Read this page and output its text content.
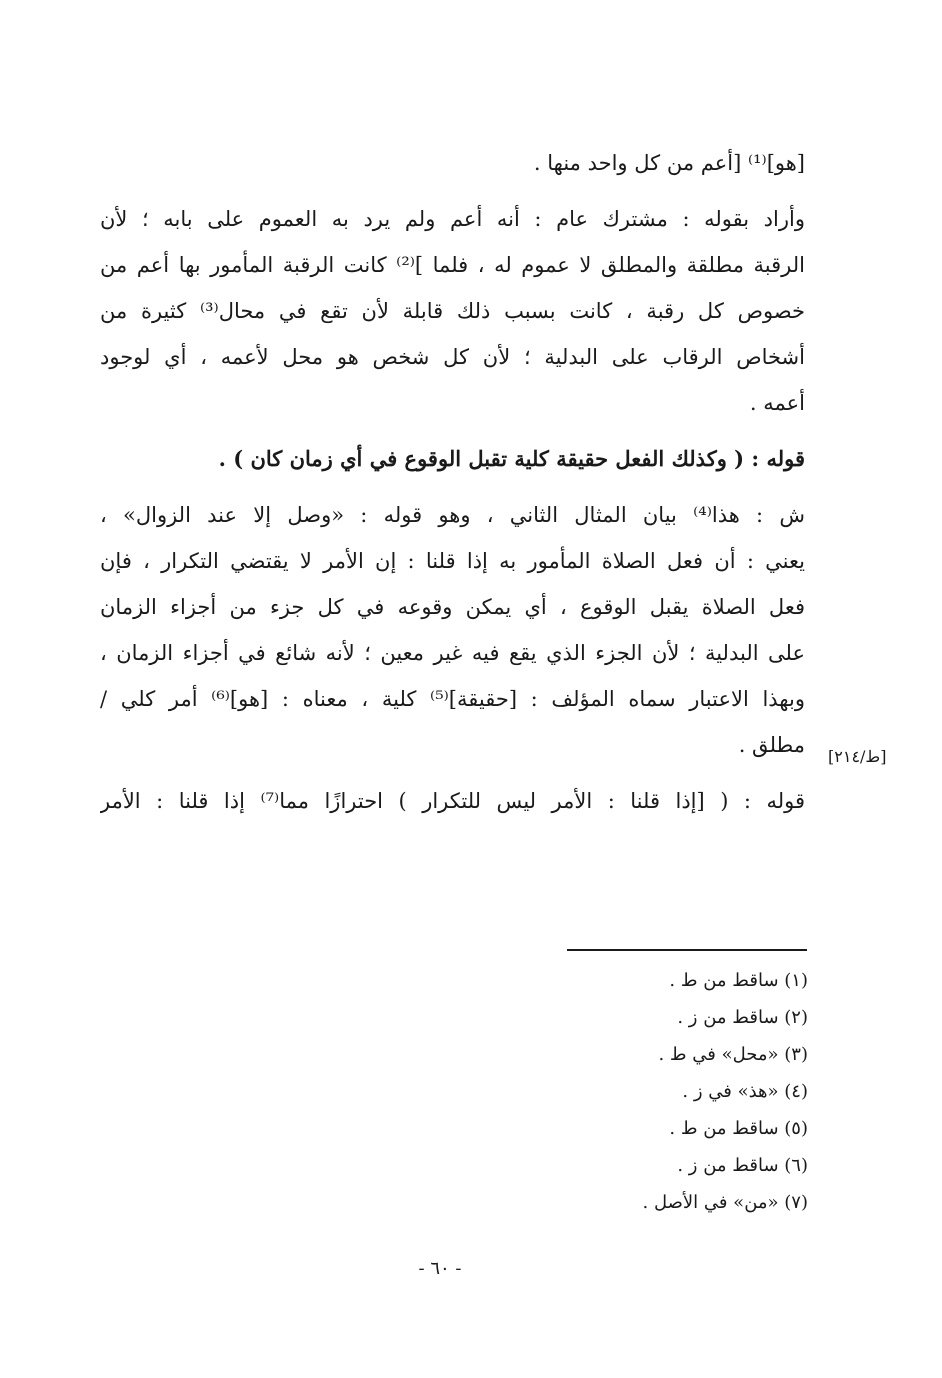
[هو]⁽¹⁾ [أعم من كل واحد منها .
وأراد بقوله : مشترك عام : أنه أعم ولم يرد به العموم على بابه ؛ لأن
الرقبة مطلقة والمطلق لا عموم له ، فلما ]⁽²⁾ كانت الرقبة المأمور بها أعم من
خصوص كل رقبة ، كانت بسبب ذلك قابلة لأن تقع في محال⁽³⁾ كثيرة من
أشخاص الرقاب على البدلية ؛ لأن كل شخص هو محل لأعمه ، أي لوجود
أعمه .
قوله : ( وكذلك الفعل حقيقة كلية تقبل الوقوع في أي زمان كان ) .
ش : هذا⁽⁴⁾ بيان المثال الثاني ، وهو قوله : «وصل إلا عند الزوال» ،
يعني : أن فعل الصلاة المأمور به إذا قلنا : إن الأمر لا يقتضي التكرار ، فإن
فعل الصلاة يقبل الوقوع ، أي يمكن وقوعه في كل جزء من أجزاء الزمان
على البدلية ؛ لأن الجزء الذي يقع فيه غير معين ؛ لأنه شائع في أجزاء الزمان ،
وبهذا الاعتبار سماه المؤلف : [حقيقة]⁽⁵⁾ كلية ، معناه : [هو]⁽⁶⁾ أمر كلي /
مطلق .
قوله : ( [إذا قلنا : الأمر ليس للتكرار ) احترازًا مما⁽⁷⁾ إذا قلنا : الأمر
[ط/٢١٤]
(١) ساقط من ط .
(٢) ساقط من ز .
(٣) «محل» في ط .
(٤) «هذ» في ز .
(٥) ساقط من ط .
(٦) ساقط من ز .
(٧) «من» في الأصل .
- ٦٠ -
